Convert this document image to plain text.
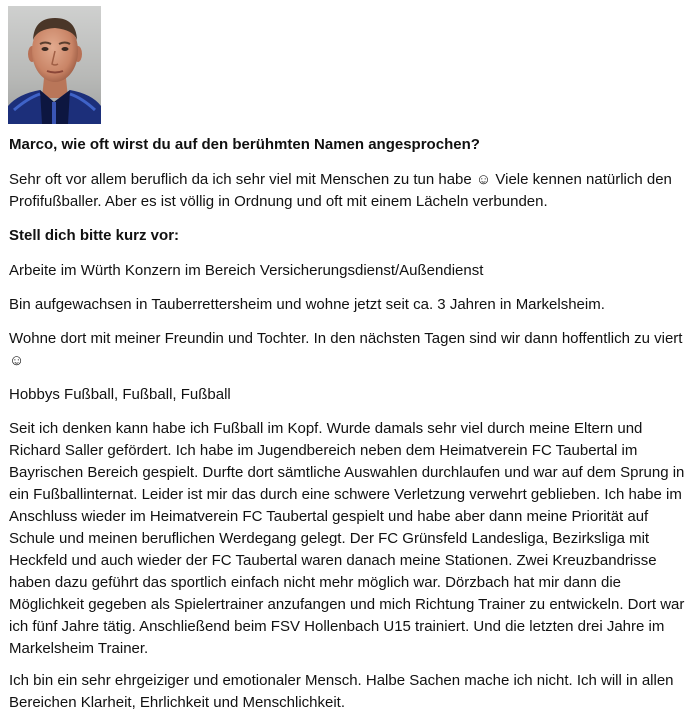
Marco, wie oft wirst du auf den berühmten Namen angesprochen?
Sehr oft vor allem beruflich da ich sehr viel mit Menschen zu tun habe ☺ Viele kennen natürlich den Profifußballer. Aber es ist völlig in Ordnung und oft mit einem Lächeln verbunden.
Stell dich bitte kurz vor:
Arbeite im Würth Konzern im Bereich Versicherungsdienst/Außendienst
Bin aufgewachsen in Tauberrettersheim und wohne jetzt seit ca. 3 Jahren in Markelsheim.
Wohne dort mit meiner Freundin und Tochter. In den nächsten Tagen sind wir dann hoffentlich zu viert ☺
Hobbys Fußball, Fußball, Fußball
Seit ich denken kann habe ich Fußball im Kopf. Wurde damals sehr viel durch meine Eltern und Richard Saller gefördert. Ich habe im Jugendbereich neben dem Heimatverein FC Taubertal im Bayrischen Bereich gespielt. Durfte dort sämtliche Auswahlen durchlaufen und war auf dem Sprung in ein Fußballinternat. Leider ist mir das durch eine schwere Verletzung verwehrt geblieben. Ich habe im Anschluss wieder im Heimatverein FC Taubertal gespielt und habe aber dann meine Priorität auf Schule und meinen beruflichen Werdegang gelegt. Der FC Grünsfeld Landesliga, Bezirksliga mit Heckfeld und auch wieder der FC Taubertal waren danach meine Stationen. Zwei Kreuzbandrisse haben dazu geführt das sportlich einfach nicht mehr möglich war. Dörzbach hat mir dann die Möglichkeit gegeben als Spielertrainer anzufangen und mich Richtung Trainer zu entwickeln. Dort war ich fünf Jahre tätig. Anschließend beim FSV Hollenbach U15 trainiert. Und die letzten drei Jahre im Markelsheim Trainer.
Ich bin ein sehr ehrgeiziger und emotionaler Mensch. Halbe Sachen mache ich nicht. Ich will in allen Bereichen Klarheit, Ehrlichkeit und Menschlichkeit.
